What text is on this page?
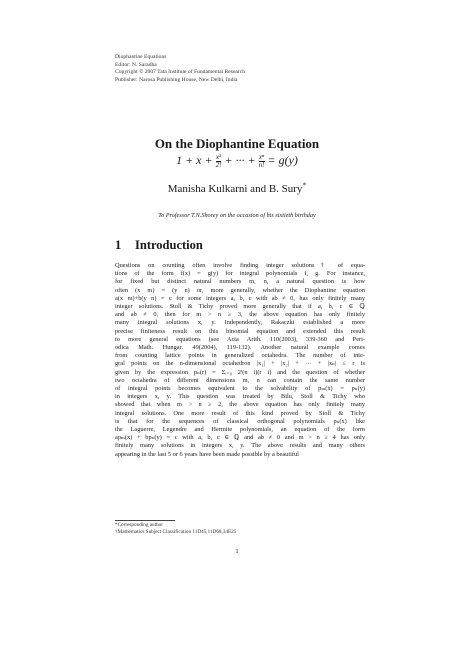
Diophantine Equations
Editor: N. Saradha
Copyright © 2007 Tata Institute of Fundamental Research
Publisher: Narosa Publishing House, New Delhi, India
On the Diophantine Equation
$1 + x + \frac{\text{x²}}{2!}$ + ··· + $\frac{\text{xⁿ}}{n!} = g(y)$
Manisha Kulkarni and B. Sury*
To Professor T.N.Shorey on the occasion of his sixtieth birthday
1 Introduction
Questions on counting often involve finding integer solutions† of equa-
tions of the form f(x) = g(y) for integral polynomials f, g. For instance,
for fixed but distinct natural numbers m, n, a natural question is how
often (x m) = (y n) or, more generally, whether the Diophantine equation
a(x m)+b(y n) = c for some integers a, b, c with ab ≠ 0, has only finitely many
integer solutions. Stoll & Tichy proved more generally that if a, b, c ∈ ℚ
and ab ≠ 0, then for m > n ≥ 3, the above equation has only finitely
many integral solutions x, y. Independently, Rakaczki established a more
precise finiteness result on this binomial equation and extended this result
to more general equations (see Acta Arith. 110(2003), 339-360 and Peri-
odica Math. Hungar. 49(2004), 119-132). Another natural example comes
from counting lattice points in generalized octahedra. The number of inte-
gral points on the n-dimensional octahedron |x₁| + |x₂| + ··· + |xₙ| ≤ r is
given by the expression pₙ(r) = Σᵢ₌₀ 2ⁱ(n i)(r i) and the question of whether
two octahedra of different dimensions m, n can contain the same number
of integral points becomes equivalent to the solvability of pₘ(x) = pₙ(y)
in integers x, y. This question was treated by Bilu, Stoll & Tichy who
showed that when m > n ≥ 2, the above equation has only finitely many
integral solutions. One more result of this kind proved by Stoll & Tichy
is that for the sequences of classical orthogonal polynomials pₙ(x) like
the Laguerre, Legendre and Hermite polynomials, an equation of the form
apₘ(x) + bpₙ(y) = c with a, b, c ∈ ℚ and ab ≠ 0 and m > n ≥ 4 has only
finitely many solutions in integers x, y. The above results and many others
appearing in the last 5 or 6 years have been made possible by a beautiful
*Corresponding author
†Mathematics Subject Classification 11D45,11D68,34E25
1
